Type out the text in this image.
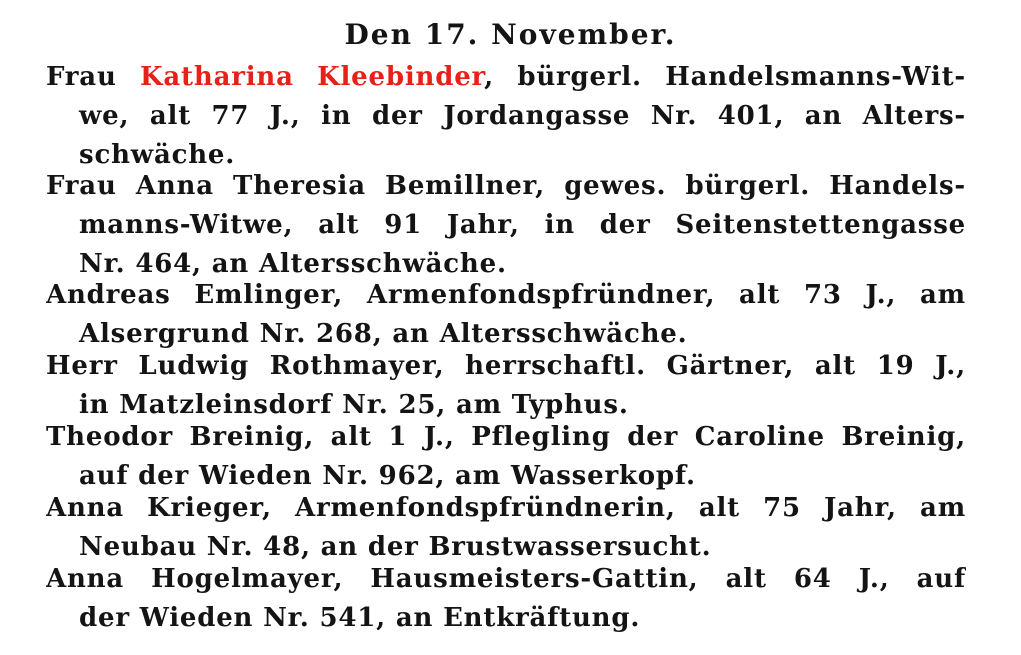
Den 17. November.
Frau Katharina Kleebinder, bürgerl. Handelsmanns-Wit-
we, alt 77 J., in der Jordangasse Nr. 401, an Alters-
schwäche.
Frau Anna Theresia Bemillner, gewes. bürgerl. Handels-
manns-Witwe, alt 91 Jahr, in der Seitenstettengasse
Nr. 464, an Altersschwäche.
Andreas Emlinger, Armenfondspfründner, alt 73 J., am
Alsergrund Nr. 268, an Altersschwäche.
Herr Ludwig Rothmayer, herrschaftl. Gärtner, alt 19 J.,
in Matzleinsdorf Nr. 25, am Typhus.
Theodor Breinig, alt 1 J., Pflegling der Caroline Breinig,
auf der Wieden Nr. 962, am Wasserkopf.
Anna Krieger, Armenfondspfründnerin, alt 75 Jahr, am
Neubau Nr. 48, an der Brustwassersucht.
Anna Hogelmayer, Hausmeisters-Gattin, alt 64 J., auf
der Wieden Nr. 541, an Entkräftung.
